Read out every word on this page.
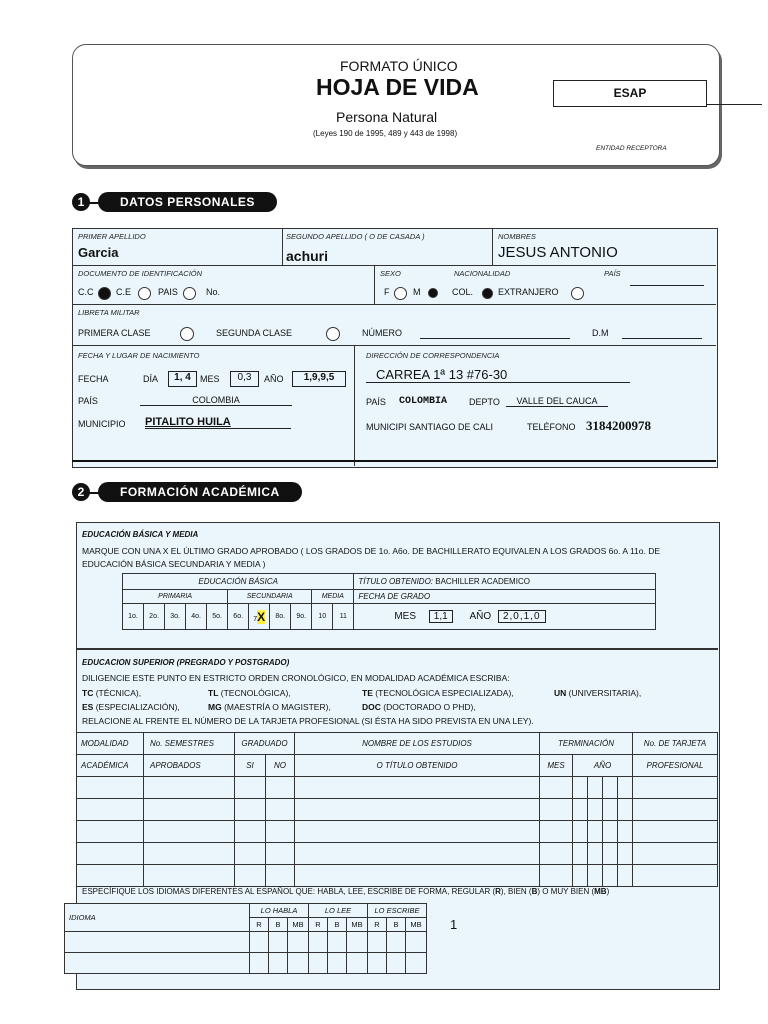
FORMATO ÚNICO
HOJA DE VIDA
Persona Natural
(Leyes 190 de 1995, 489 y 443 de 1998)
ESAP
ENTIDAD RECEPTORA
1	DATOS PERSONALES
PRIMER APELLIDO
Garcia
SEGUNDO APELLIDO ( O DE CASADA )
achuri
NOMBRES
JESUS ANTONIO
DOCUMENTO DE IDENTIFICACIÓN
C.C	C.E	PAIS	No.
SEXO
F	M
NACIONALIDAD
COL.	EXTRANJERO
PAÍS
LIBRETA MILITAR
PRIMERA CLASE	SEGUNDA CLASE	NÚMERO	D.M
FECHA Y LUGAR DE NACIMIENTO
FECHA	DÍA	1, 4	MES	0,3	AÑO	1,9,9,5
PAÍS	COLOMBIA
MUNICIPIO PITALITO HUILA
DIRECCIÓN DE CORRESPONDENCIA
CARREA 1ª 13 #76-30
PAÍS COLOMBIA DEPTO	VALLE DEL CAUCA
MUNICIPI SANTIAGO DE CALI	TELÉFONO 3184200978
2	FORMACIÓN ACADÉMICA
EDUCACIÓN BÁSICA Y MEDIA
MARQUE CON UNA X EL ÚLTIMO GRADO APROBADO ( LOS GRADOS DE 1o. A6o. DE BACHILLERATO EQUIVALEN A LOS GRADOS 6o. A 11o. DE EDUCACIÓN BÁSICA SECUNDARIA Y MEDIA )
EDUCACIÓN BÁSICA											TÍTULO OBTENIDO: BACHILLER ACADEMICO
PRIMARIA					SECUNDARIA				MEDIA		FECHA DE GRADO
1o.	2o.	3o.	4o.	5o.	6o.	7X	8o.	9o.	10	11	MES 1,1 AÑO 2,0,1,0
EDUCACION SUPERIOR (PREGRADO Y POSTGRADO)
DILIGENCIE ESTE PUNTO EN ESTRICTO ORDEN CRONOLÓGICO, EN MODALIDAD ACADÉMICA ESCRIBA:
TC (TÉCNICA),	TL (TECNOLÓGICA),	TE (TECNOLÓGICA ESPECIALIZADA),	UN (UNIVERSITARIA),
ES (ESPECIALIZACIÓN),	MG (MAESTRÍA O MAGISTER),	DOC (DOCTORADO O PHD),
RELACIONE AL FRENTE EL NÚMERO DE LA TARJETA PROFESIONAL (SI ÉSTA HA SIDO PREVISTA EN UNA LEY).
MODALIDAD	No. SEMESTRES	GRADUADO		NOMBRE DE LOS ESTUDIOS	TERMINACIÓN					No. DE TARJETA
ACADÉMICA	APROBADOS	SI	NO	O TÍTULO OBTENIDO	MES	AÑO				PROFESIONAL

ESPECÍFIQUE LOS IDIOMAS DIFERENTES AL ESPAÑOL QUE: HABLA, LEE, ESCRIBE DE FORMA, REGULAR (R), BIEN (B) O MUY BIEN (MB)
IDIOMA	LO HABLA			LO LEE			LO ESCRIBE		
	R	B	MB	R	B	MB	R	B	MB

									1
